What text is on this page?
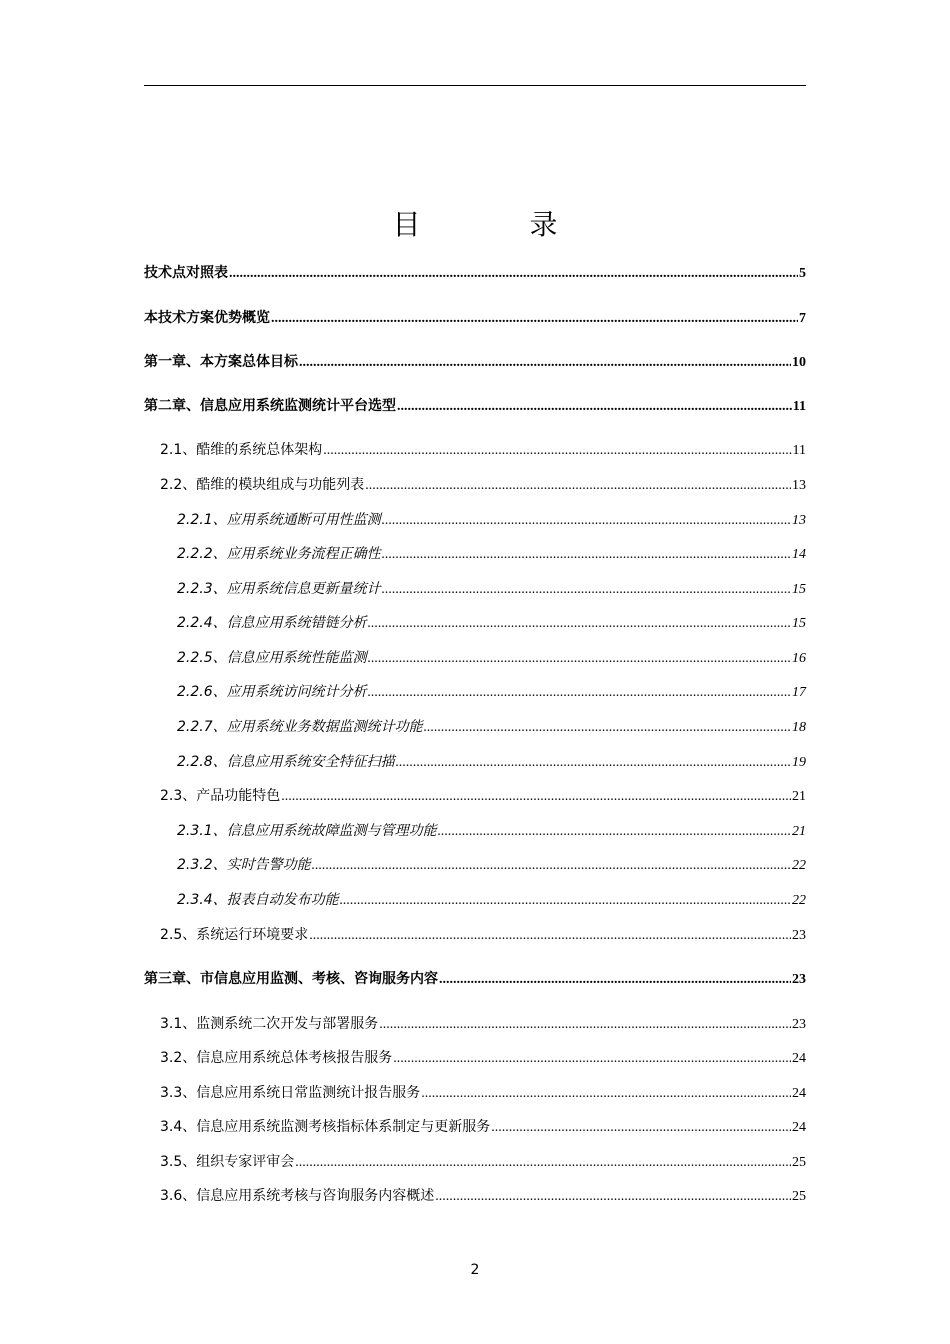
目 录
技术点对照表 .....	5
本技术方案优势概览 .....	7
第一章、本方案总体目标 .....	10
第二章、信息应用系统监测统计平台选型 .....	11
2.1、酷维的系统总体架构 .....	11
2.2、酷维的模块组成与功能列表 .....	13
2.2.1、应用系统通断可用性监测 .....	13
2.2.2、应用系统业务流程正确性 .....	14
2.2.3、应用系统信息更新量统计 .....	15
2.2.4、信息应用系统错链分析 .....	15
2.2.5、信息应用系统性能监测 .....	16
2.2.6、应用系统访问统计分析 .....	17
2.2.7、应用系统业务数据监测统计功能 .....	18
2.2.8、信息应用系统安全特征扫描 .....	19
2.3、产品功能特色 .....	21
2.3.1、信息应用系统故障监测与管理功能 .....	21
2.3.2、实时告警功能 .....	22
2.3.4、报表自动发布功能 .....	22
2.5、系统运行环境要求 .....	23
第三章、市信息应用监测、考核、咨询服务内容 .....	23
3.1、监测系统二次开发与部署服务 .....	23
3.2、信息应用系统总体考核报告服务 .....	24
3.3、信息应用系统日常监测统计报告服务 .....	24
3.4、信息应用系统监测考核指标体系制定与更新服务 .....	24
3.5、组织专家评审会 .....	25
3.6、信息应用系统考核与咨询服务内容概述 .....	25
2
